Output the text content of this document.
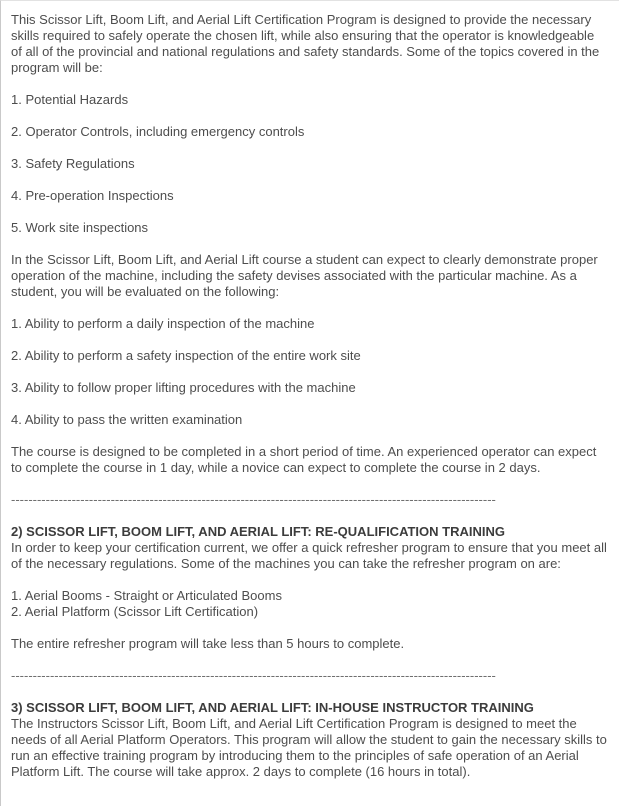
This Scissor Lift, Boom Lift, and Aerial Lift Certification Program is designed to provide the necessary skills required to safely operate the chosen lift, while also ensuring that the operator is knowledgeable of all of the provincial and national regulations and safety standards. Some of the topics covered in the program will be:

1. Potential Hazards

2. Operator Controls, including emergency controls

3. Safety Regulations

4. Pre-operation Inspections

5. Work site inspections

In the Scissor Lift, Boom Lift, and Aerial Lift course a student can expect to clearly demonstrate proper operation of the machine, including the safety devises associated with the particular machine. As a student, you will be evaluated on the following:

1. Ability to perform a daily inspection of the machine

2. Ability to perform a safety inspection of the entire work site

3. Ability to follow proper lifting procedures with the machine

4. Ability to pass the written examination

The course is designed to be completed in a short period of time. An experienced operator can expect to complete the course in 1 day, while a novice can expect to complete the course in 2 days.

----------------------------------------------------------------------------------------------------------------

2) SCISSOR LIFT, BOOM LIFT, AND AERIAL LIFT: RE-QUALIFICATION TRAINING
In order to keep your certification current, we offer a quick refresher program to ensure that you meet all of the necessary regulations. Some of the machines you can take the refresher program on are:
1. Aerial Booms - Straight or Articulated Booms
2. Aerial Platform (Scissor Lift Certification)

The entire refresher program will take less than 5 hours to complete.

----------------------------------------------------------------------------------------------------------------

3) SCISSOR LIFT, BOOM LIFT, AND AERIAL LIFT: IN-HOUSE INSTRUCTOR TRAINING
The Instructors Scissor Lift, Boom Lift, and Aerial Lift Certification Program is designed to meet the needs of all Aerial Platform Operators. This program will allow the student to gain the necessary skills to run an effective training program by introducing them to the principles of safe operation of an Aerial Platform Lift. The course will take approx. 2 days to complete (16 hours in total).
